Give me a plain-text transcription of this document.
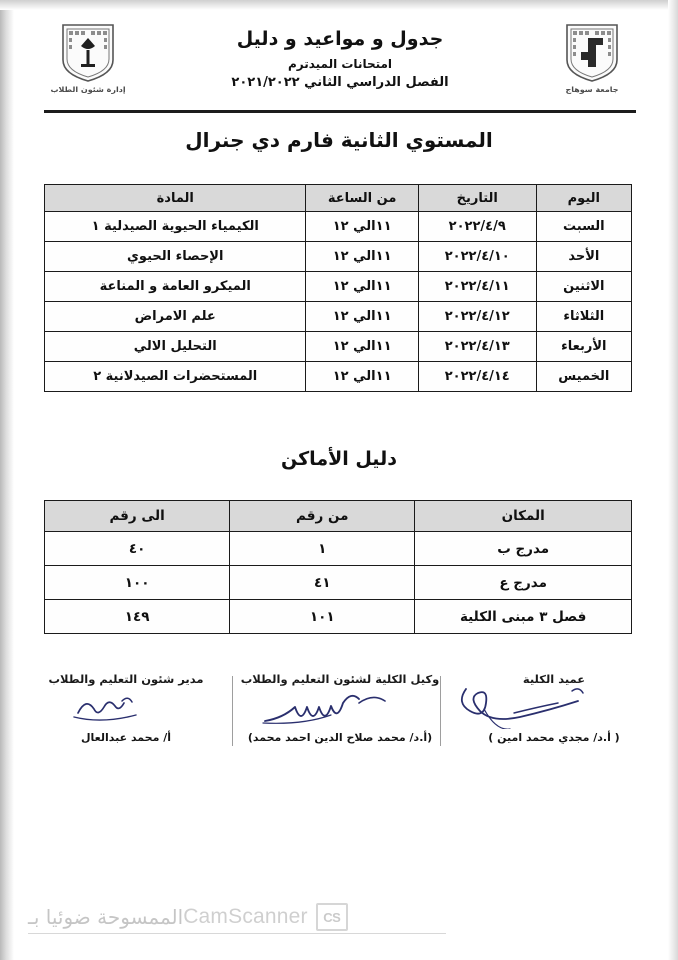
جامعة سوهاج
جدول و مواعيد و دليل
امتحانات الميدترم
الفصل الدراسي الثاني ٢٠٢١/٢٠٢٢
إدارة شئون الطلاب
المستوي الثانية فارم دي جنرال
اليوم	التاريخ	من الساعة	المادة
السبت	٢٠٢٢/٤/٩	١١الي ١٢	الكيمياء الحيوية الصيدلية ١
الأحد	٢٠٢٢/٤/١٠	١١الي ١٢	الإحصاء الحيوي
الاثنين	٢٠٢٢/٤/١١	١١الي ١٢	الميكرو العامة و المناعة
الثلاثاء	٢٠٢٢/٤/١٢	١١الي ١٢	علم الامراض
الأربعاء	٢٠٢٢/٤/١٣	١١الي ١٢	التحليل الالي
الخميس	٢٠٢٢/٤/١٤	١١الي ١٢	المستحضرات الصيدلانية ٢
دليل الأماكن
المكان	من رقم	الى رقم
مدرج ب	١	٤٠
مدرج ع	٤١	١٠٠
فصل ٣ مبنى الكلية	١٠١	١٤٩
مدير شئون التعليم والطلاب
أ/ محمد عبدالعال
وكيل الكلية لشئون التعليم والطلاب
(أ.د/ محمد صلاح الدين احمد محمد)
عميد الكلية
( أ.د/ مجدي محمد امين )
الممسوحة ضوئيا بـ CamScanner	CS
